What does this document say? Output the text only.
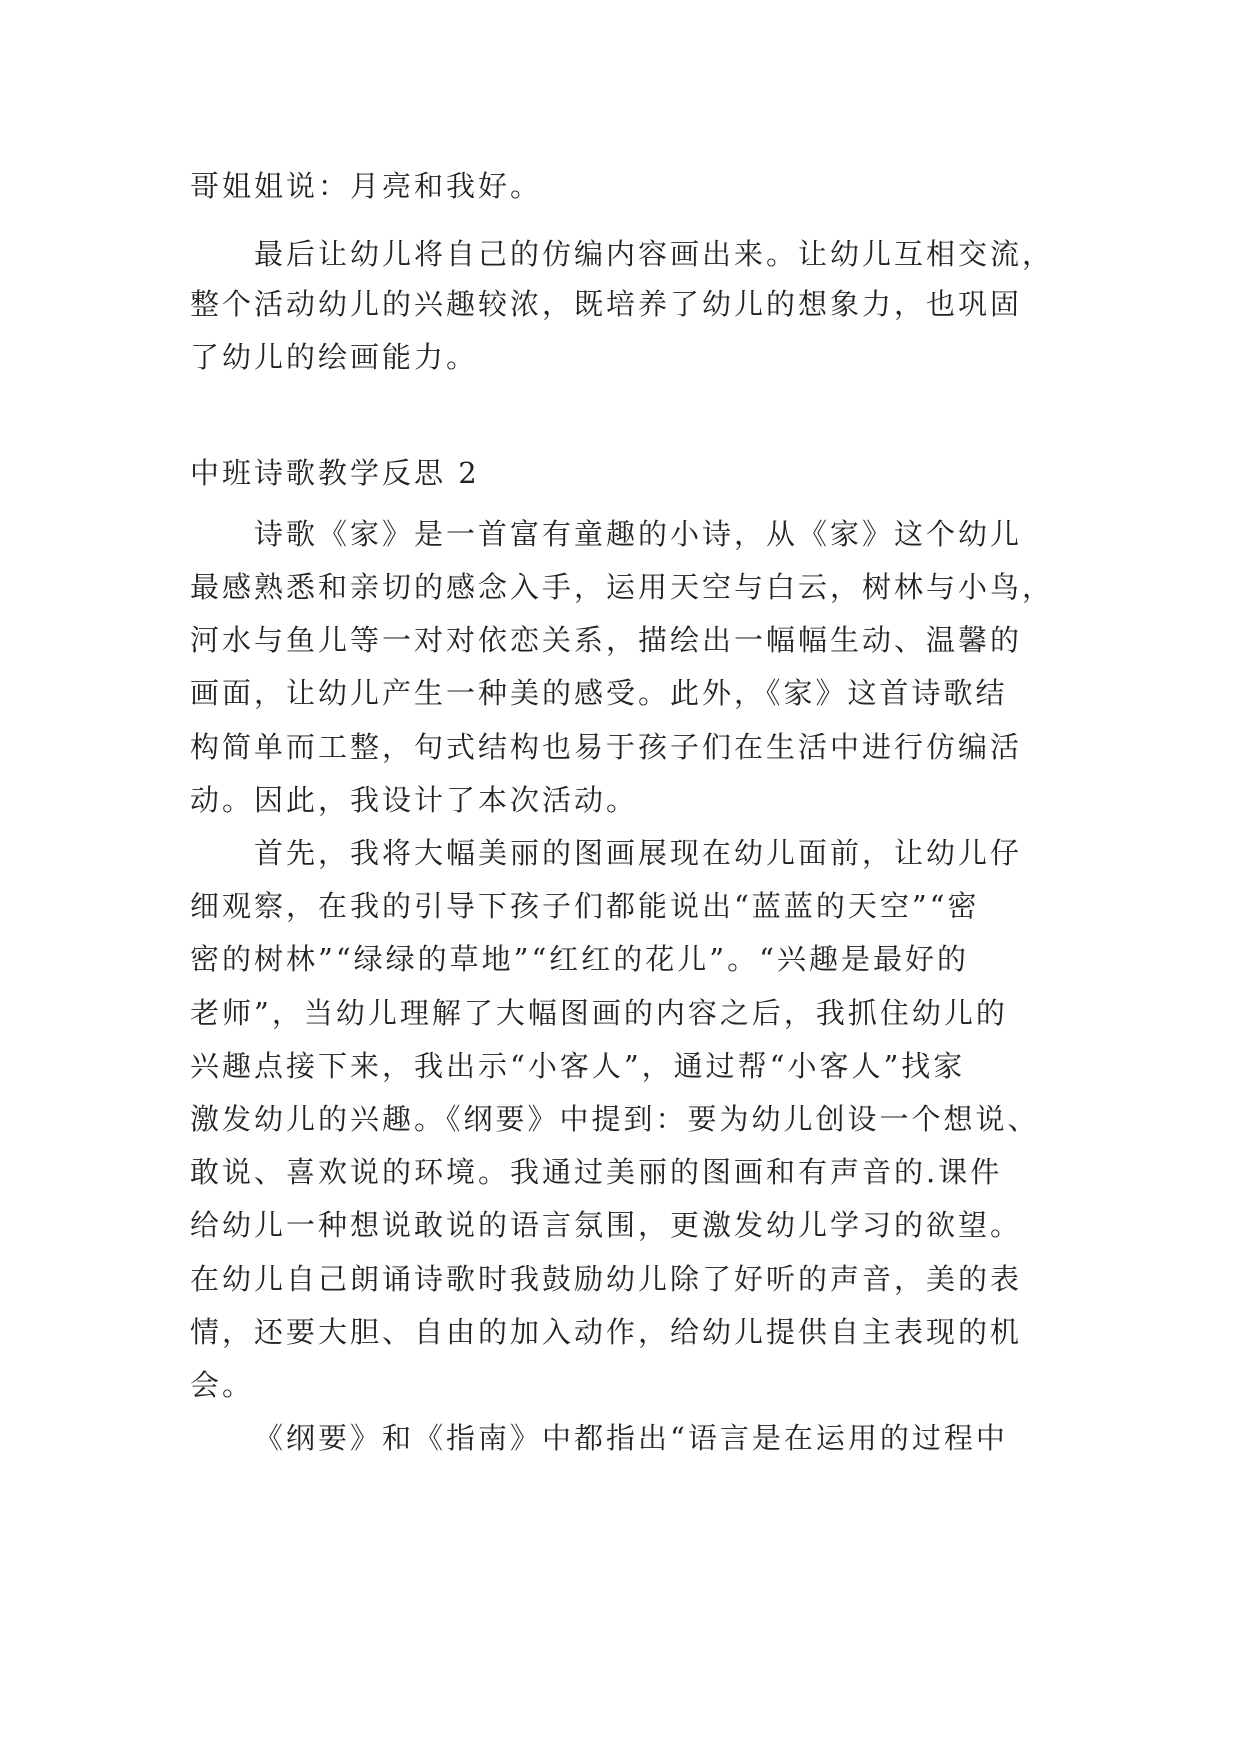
哥姐姐说：月亮和我好。
最后让幼儿将自己的仿编内容画出来。让幼儿互相交流，
整个活动幼儿的兴趣较浓，既培养了幼儿的想象力，也巩固
了幼儿的绘画能力。
中班诗歌教学反思 2
诗歌《家》是一首富有童趣的小诗，从《家》这个幼儿
最感熟悉和亲切的感念入手，运用天空与白云，树林与小鸟，
河水与鱼儿等一对对依恋关系，描绘出一幅幅生动、温馨的
画面，让幼儿产生一种美的感受。此外，《家》这首诗歌结
构简单而工整，句式结构也易于孩子们在生活中进行仿编活
动。因此，我设计了本次活动。
首先，我将大幅美丽的图画展现在幼儿面前，让幼儿仔
细观察，在我的引导下孩子们都能说出“蓝蓝的天空”“密
密的树林”“绿绿的草地”“红红的花儿”。“兴趣是最好的
老师”，当幼儿理解了大幅图画的内容之后，我抓住幼儿的
兴趣点接下来，我出示“小客人”，通过帮“小客人”找家
激发幼儿的兴趣。《纲要》中提到：要为幼儿创设一个想说、
敢说、喜欢说的环境。我通过美丽的图画和有声音的.课件
给幼儿一种想说敢说的语言氛围，更激发幼儿学习的欲望。
在幼儿自己朗诵诗歌时我鼓励幼儿除了好听的声音，美的表
情，还要大胆、自由的加入动作，给幼儿提供自主表现的机
会。
《纲要》和《指南》中都指出“语言是在运用的过程中
